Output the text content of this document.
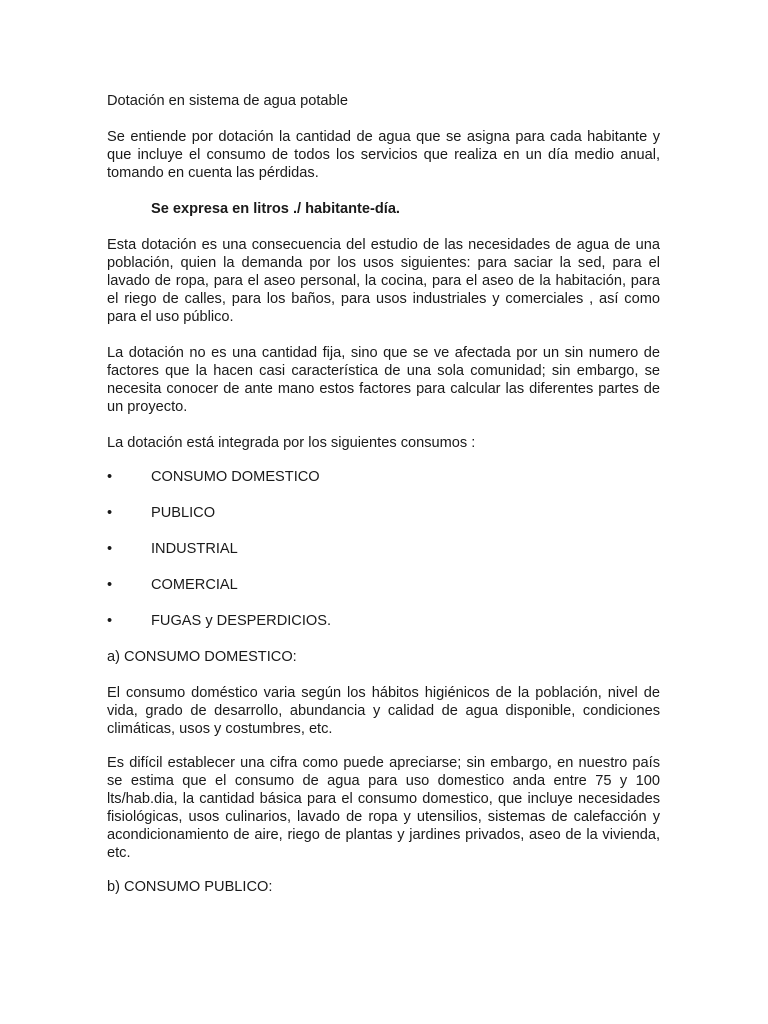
Dotación en sistema de agua potable

Se entiende por dotación la cantidad de agua que se asigna para cada habitante y que incluye el consumo de todos los servicios que realiza en un día medio anual, tomando en cuenta las pérdidas.

Se expresa en litros ./ habitante-día.

Esta dotación es una consecuencia del estudio de las necesidades de agua de una población, quien la demanda por los usos siguientes: para saciar la sed, para el lavado de ropa, para el aseo personal, la cocina, para el aseo de la habitación, para el riego de calles, para los baños, para usos industriales y comerciales , así como para el uso público.

La dotación no es una cantidad fija, sino que se ve afectada por un sin numero de factores que la hacen casi característica de una sola comunidad; sin embargo, se necesita conocer de ante mano estos factores para calcular las diferentes partes de un proyecto.

La dotación está integrada por los siguientes consumos :

•	CONSUMO DOMESTICO
•	PUBLICO
•	INDUSTRIAL
•	COMERCIAL
•	FUGAS y DESPERDICIOS.

a) CONSUMO DOMESTICO:

El consumo doméstico varia según los hábitos higiénicos de la población, nivel de vida, grado de desarrollo, abundancia y calidad de agua disponible, condiciones climáticas, usos y costumbres, etc.

Es difícil establecer una cifra como puede apreciarse; sin embargo, en nuestro país se estima que el consumo de agua para uso domestico anda entre 75 y 100 lts/hab.dia, la cantidad básica para el consumo domestico, que incluye necesidades fisiológicas, usos culinarios, lavado de ropa y utensilios, sistemas de calefacción y acondicionamiento de aire, riego de plantas y jardines privados, aseo de la vivienda, etc.

b) CONSUMO PUBLICO:
